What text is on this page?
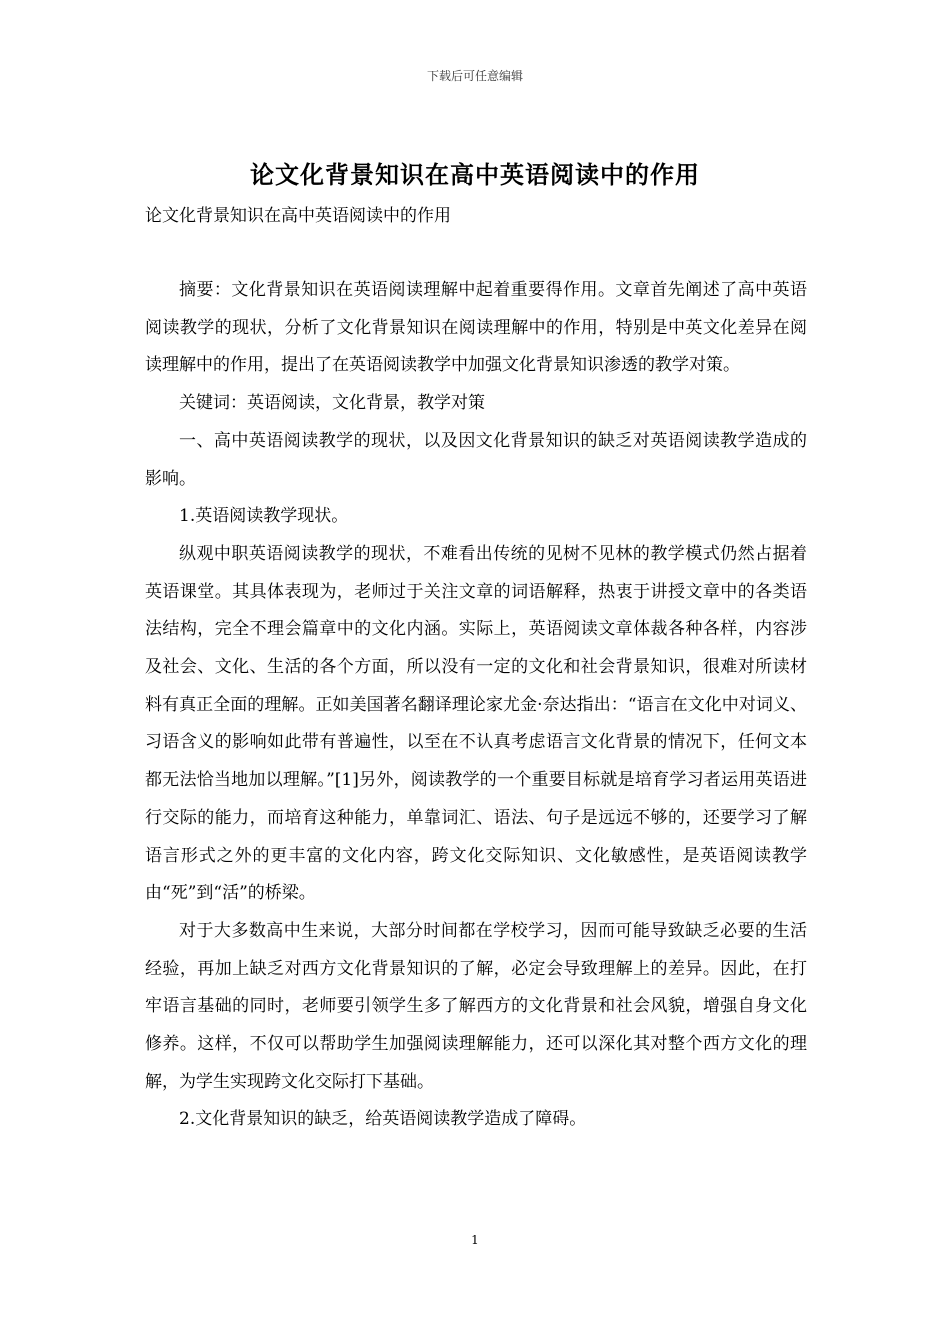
下载后可任意编辑
论文化背景知识在高中英语阅读中的作用
论文化背景知识在高中英语阅读中的作用

摘要：文化背景知识在英语阅读理解中起着重要得作用。文章首先阐述了高中英语阅读教学的现状，分析了文化背景知识在阅读理解中的作用，特别是中英文化差异在阅读理解中的作用，提出了在英语阅读教学中加强文化背景知识渗透的教学对策。

关键词：英语阅读，文化背景，教学对策

一、高中英语阅读教学的现状，以及因文化背景知识的缺乏对英语阅读教学造成的影响。

1.英语阅读教学现状。

纵观中职英语阅读教学的现状，不难看出传统的见树不见林的教学模式仍然占据着英语课堂。其具体表现为，老师过于关注文章的词语解释，热衷于讲授文章中的各类语法结构，完全不理会篇章中的文化内涵。实际上，英语阅读文章体裁各种各样，内容涉及社会、文化、生活的各个方面，所以没有一定的文化和社会背景知识，很难对所读材料有真正全面的理解。正如美国著名翻译理论家尤金·奈达指出：“语言在文化中对词义、习语含义的影响如此带有普遍性，以至在不认真考虑语言文化背景的情况下，任何文本都无法恰当地加以理解。”[1]另外，阅读教学的一个重要目标就是培育学习者运用英语进行交际的能力，而培育这种能力，单靠词汇、语法、句子是远远不够的，还要学习了解语言形式之外的更丰富的文化内容，跨文化交际知识、文化敏感性，是英语阅读教学由“死”到“活”的桥梁。

对于大多数高中生来说，大部分时间都在学校学习，因而可能导致缺乏必要的生活经验，再加上缺乏对西方文化背景知识的了解，必定会导致理解上的差异。因此，在打牢语言基础的同时，老师要引领学生多了解西方的文化背景和社会风貌，增强自身文化修养。这样，不仅可以帮助学生加强阅读理解能力，还可以深化其对整个西方文化的理解，为学生实现跨文化交际打下基础。

2.文化背景知识的缺乏，给英语阅读教学造成了障碍。

1
